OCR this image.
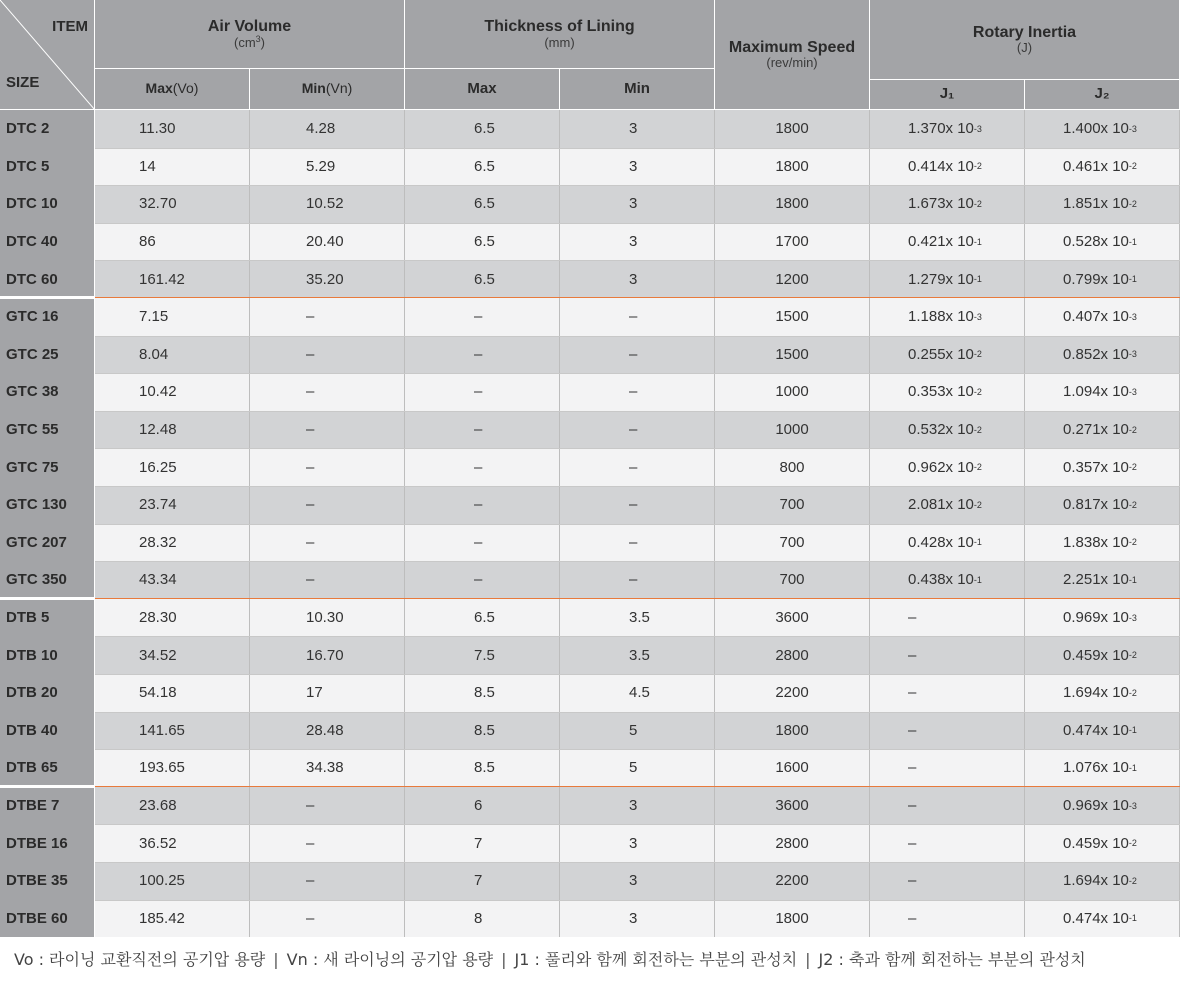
ITEM
SIZE
Air Volume
$(cm^3)$
Thickness of Lining
(mm)	Maximum Speed
(rev/min)
Rotary Inertia
(J)
Max(Vo)	Min(Vn)	Max	Min	J₁	J₂
DTC 2	11.30	4.28	6.5	3	1800	1.370 x 10 -3	1.400 x 10 -3
DTC 5	14	5.29	6.5	3	1800	0.414 x 10 -2	0.461 x 10 -2
DTC 10	32.70	10.52	6.5	3	1800	1.673 x 10 -2	1.851 x 10 -2
DTC 40	86	20.40	6.5	3	1700	0.421 x 10 -1	0.528 x 10 -1
DTC 60	161.42	35.20	6.5	3	1200	1.279 x 10 -1	0.799 x 10 -1
GTC 16	7.15	–	–	–	1500	1.188 x 10 -3	0.407 x 10 -3
GTC 25	8.04	–	–	–	1500	0.255 x 10 -2	0.852 x 10 -3
GTC 38	10.42	–	–	–	1000	0.353 x 10 -2	1.094 x 10 -3
GTC 55	12.48	–	–	–	1000	0.532 x 10 -2	0.271 x 10 -2
GTC 75	16.25	–	–	–	800	0.962 x 10 -2	0.357 x 10 -2
GTC 130	23.74	–	–	–	700	2.081 x 10 -2	0.817 x 10 -2
GTC 207	28.32	–	–	–	700	0.428 x 10 -1	1.838 x 10 -2
GTC 350	43.34	–	–	–	700	0.438 x 10 -1	2.251 x 10 -1
DTB 5	28.30	10.30	6.5	3.5	3600	–	0.969 x 10 -3
DTB 10	34.52	16.70	7.5	3.5	2800	–	0.459 x 10 -2
DTB 20	54.18	17	8.5	4.5	2200	–	1.694 x 10 -2
DTB 40	141.65	28.48	8.5	5	1800	–	0.474 x 10 -1
DTB 65	193.65	34.38	8.5	5	1600	–	1.076 x 10 -1
DTBE 7	23.68	–	6	3	3600	–	0.969 x 10 -3
DTBE 16	36.52	–	7	3	2800	–	0.459 x 10 -2
DTBE 35	100.25	–	7	3	2200	–	1.694 x 10 -2
DTBE 60	185.42	–	8	3	1800	–	0.474 x 10 -1
Vo : 라이닝 교환직전의 공기압 용량 | Vn : 새 라이닝의 공기압 용량 | J1 : 풀리와 함께 회전하는 부분의 관성치 | J2 : 축과 함께 회전하는 부분의 관성치
